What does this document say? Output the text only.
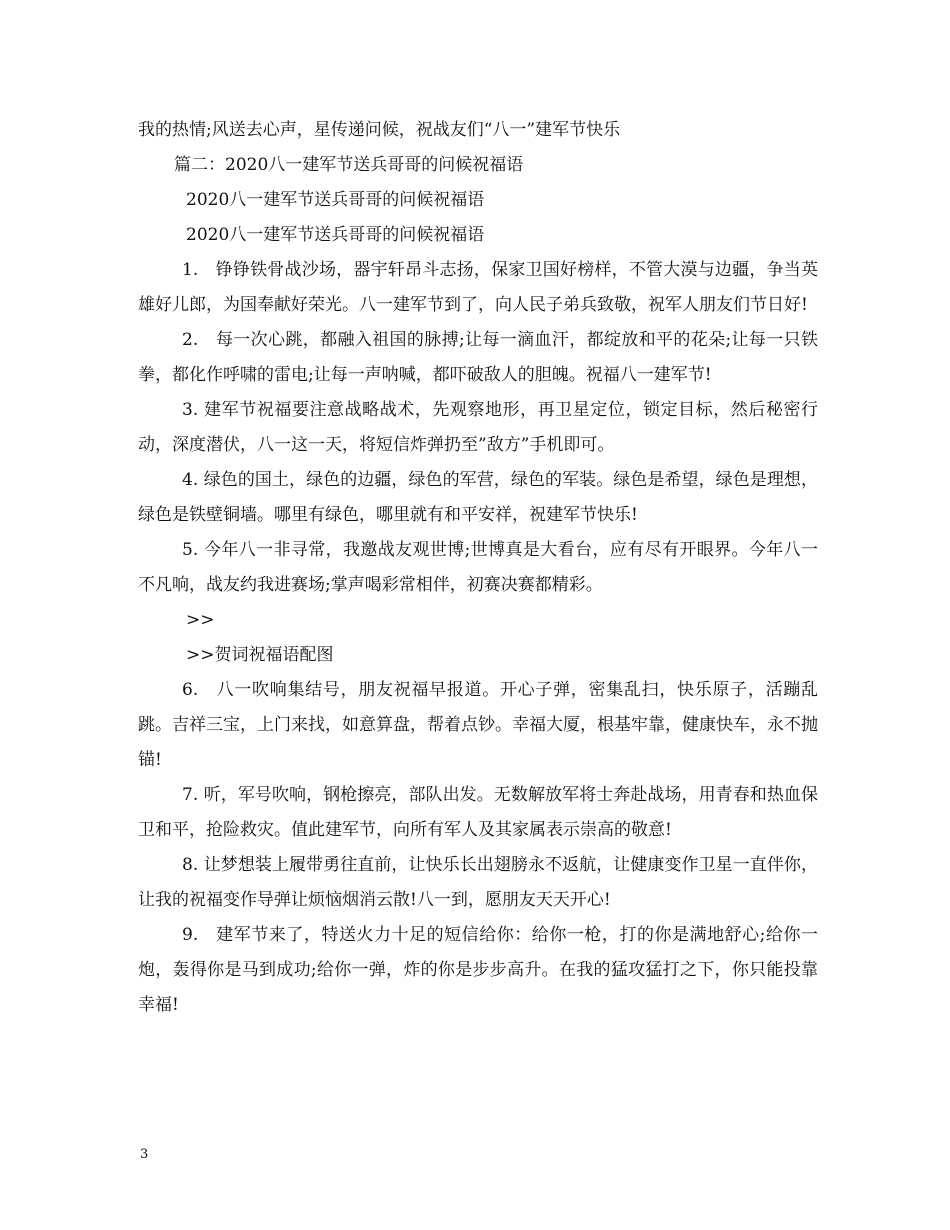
我的热情;风送去心声，星传递问候，祝战友们“八一”建军节快乐

篇二：2020八一建军节送兵哥哥的问候祝福语

2020八一建军节送兵哥哥的问候祝福语

2020八一建军节送兵哥哥的问候祝福语

1.　铮铮铁骨战沙场，器宇轩昂斗志扬，保家卫国好榜样，不管大漠与边疆，争当英雄好儿郎，为国奉献好荣光。八一建军节到了，向人民子弟兵致敬，祝军人朋友们节日好!

2.　每一次心跳，都融入祖国的脉搏;让每一滴血汗，都绽放和平的花朵;让每一只铁拳，都化作呼啸的雷电;让每一声呐喊，都吓破敌人的胆魄。祝福八一建军节!

3. 建军节祝福要注意战略战术，先观察地形，再卫星定位，锁定目标，然后秘密行动，深度潜伏，八一这一天，将短信炸弹扔至”敌方”手机即可。

4. 绿色的国土，绿色的边疆，绿色的军营，绿色的军装。绿色是希望，绿色是理想，绿色是铁壁铜墙。哪里有绿色，哪里就有和平安祥，祝建军节快乐!

5. 今年八一非寻常，我邀战友观世博;世博真是大看台，应有尽有开眼界。今年八一不凡响，战友约我进赛场;掌声喝彩常相伴，初赛决赛都精彩。

>>

>>贺词祝福语配图

6.　八一吹响集结号，朋友祝福早报道。开心子弹，密集乱扫，快乐原子，活蹦乱跳。吉祥三宝，上门来找，如意算盘，帮着点钞。幸福大厦，根基牢靠，健康快车，永不抛锚!

7. 听，军号吹响，钢枪擦亮，部队出发。无数解放军将士奔赴战场，用青春和热血保卫和平，抢险救灾。值此建军节，向所有军人及其家属表示崇高的敬意!

8. 让梦想装上履带勇往直前，让快乐长出翅膀永不返航，让健康变作卫星一直伴你，让我的祝福变作导弹让烦恼烟消云散!八一到，愿朋友天天开心!

9.　建军节来了，特送火力十足的短信给你：给你一枪，打的你是满地舒心;给你一炮，轰得你是马到成功;给你一弹，炸的你是步步高升。在我的猛攻猛打之下，你只能投靠幸福!

3
